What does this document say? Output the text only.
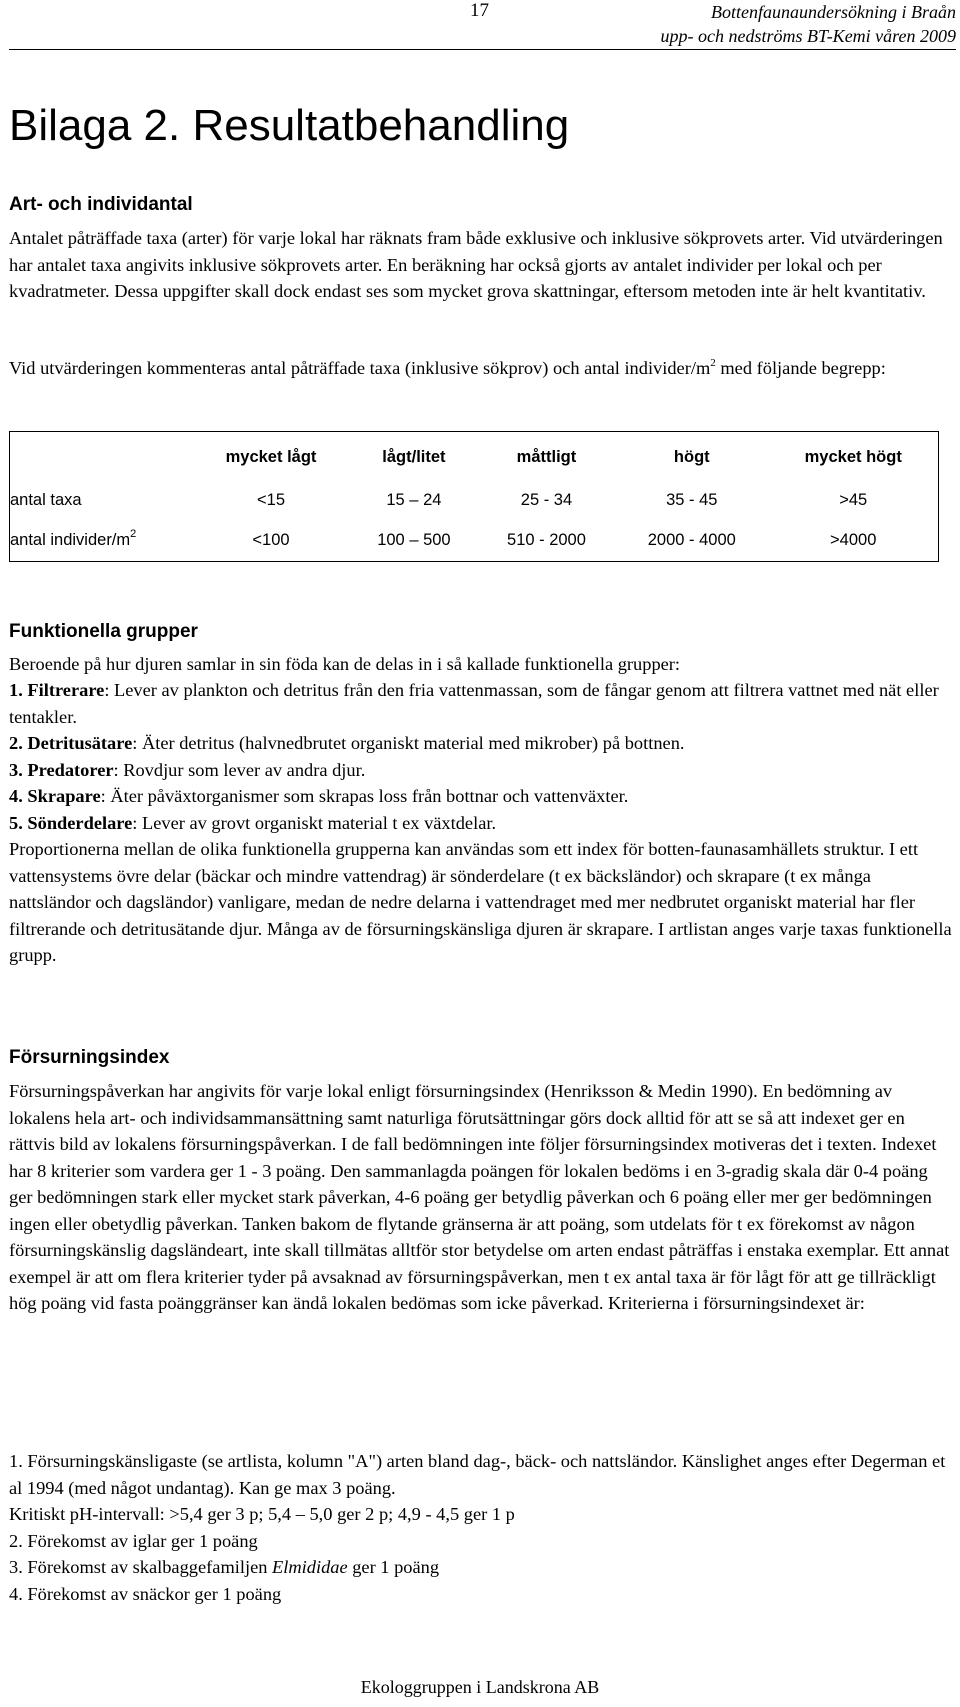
17	Bottenfaunaundersökning i Braån
upp- och nedströms BT-Kemi våren 2009
Bilaga 2. Resultatbehandling
Art- och individantal

Antalet påträffade taxa (arter) för varje lokal har räknats fram både exklusive och inklusive sökprovets arter. Vid utvärderingen har antalet taxa angivits inklusive sökprovets arter. En beräkning har också gjorts av antalet individer per lokal och per kvadratmeter. Dessa uppgifter skall dock endast ses som mycket grova skattningar, eftersom metoden inte är helt kvantitativ.

Vid utvärderingen kommenteras antal påträffade taxa (inklusive sökprov) och antal individer/$m^2$ med följande begrepp:

	mycket lågt	lågt/litet	måttligt	högt	mycket högt
antal taxa	<15	15 – 24	25 - 34	35 - 45	>45
antal individer/$m^2$	<100	100 – 500	510 - 2000	2000 - 4000	>4000
Funktionella grupper

Beroende på hur djuren samlar in sin föda kan de delas in i så kallade funktionella grupper:

1. Filtrerare: Lever av plankton och detritus från den fria vattenmassan, som de fångar genom att filtrera vattnet med nät eller tentakler.

2. Detritusätare: Äter detritus (halvnedbrutet organiskt material med mikrober) på bottnen.

3. Predatorer: Rovdjur som lever av andra djur.

4. Skrapare: Äter påväxtorganismer som skrapas loss från bottnar och vattenväxter.

5. Sönderdelare: Lever av grovt organiskt material t ex växtdelar.

Proportionerna mellan de olika funktionella grupperna kan användas som ett index för botten-faunasamhällets struktur. I ett vattensystems övre delar (bäckar och mindre vattendrag) är sönderdelare (t ex bäcksländor) och skrapare (t ex många nattsländor och dagsländor) vanligare, medan de nedre delarna i vattendraget med mer nedbrutet organiskt material har fler filtrerande och detritusätande djur. Många av de försurningskänsliga djuren är skrapare. I artlistan anges varje taxas funktionella grupp.

Försurningsindex

Försurningspåverkan har angivits för varje lokal enligt försurningsindex (Henriksson & Medin 1990). En bedömning av lokalens hela art- och individsammansättning samt naturliga förutsättningar görs dock alltid för att se så att indexet ger en rättvis bild av lokalens försurningspåverkan. I de fall bedömningen inte följer försurningsindex motiveras det i texten. Indexet har 8 kriterier som vardera ger 1 - 3 poäng. Den sammanlagda poängen för lokalen bedöms i en 3-gradig skala där 0-4 poäng ger bedömningen stark eller mycket stark påverkan, 4-6 poäng ger betydlig påverkan och 6 poäng eller mer ger bedömningen ingen eller obetydlig påverkan. Tanken bakom de flytande gränserna är att poäng, som utdelats för t ex förekomst av någon försurningskänslig dagsländeart, inte skall tillmätas alltför stor betydelse om arten endast påträffas i enstaka exemplar. Ett annat exempel är att om flera kriterier tyder på avsaknad av försurningspåverkan, men t ex antal taxa är för lågt för att ge tillräckligt hög poäng vid fasta poänggränser kan ändå lokalen bedömas som icke påverkad. Kriterierna i försurningsindexet är:

1. Försurningskänsligaste (se artlista, kolumn "A") arten bland dag-, bäck- och nattsländor. Känslighet anges efter Degerman et al 1994 (med något undantag). Kan ge max 3 poäng.

Kritiskt pH-intervall: >5,4 ger 3 p; 5,4 – 5,0 ger 2 p; 4,9 - 4,5 ger 1 p

2. Förekomst av iglar ger 1 poäng

3. Förekomst av skalbaggefamiljen Elmididae ger 1 poäng

4. Förekomst av snäckor ger 1 poäng

Ekologgruppen i Landskrona AB
